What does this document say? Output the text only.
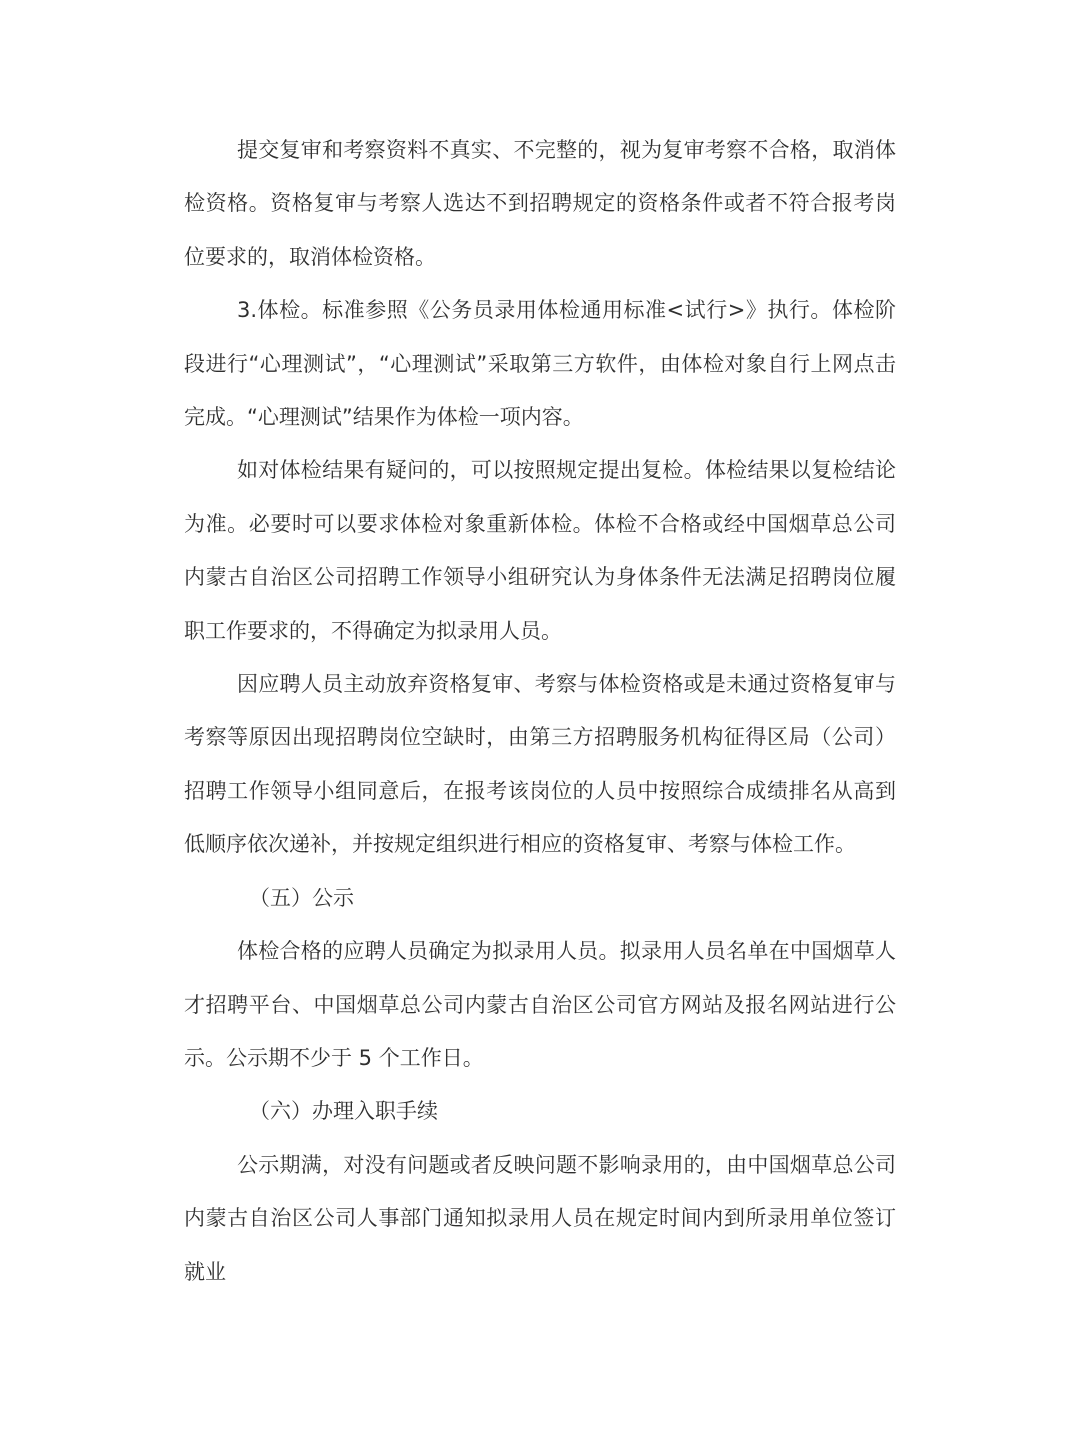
提交复审和考察资料不真实、不完整的，视为复审考察不合格，取消体检资格。资格复审与考察人选达不到招聘规定的资格条件或者不符合报考岗位要求的，取消体检资格。

3.体检。标准参照《公务员录用体检通用标准<试行>》执行。体检阶段进行“心理测试”，“心理测试”采取第三方软件，由体检对象自行上网点击完成。“心理测试”结果作为体检一项内容。

如对体检结果有疑问的，可以按照规定提出复检。体检结果以复检结论为准。必要时可以要求体检对象重新体检。体检不合格或经中国烟草总公司内蒙古自治区公司招聘工作领导小组研究认为身体条件无法满足招聘岗位履职工作要求的，不得确定为拟录用人员。

因应聘人员主动放弃资格复审、考察与体检资格或是未通过资格复审与考察等原因出现招聘岗位空缺时，由第三方招聘服务机构征得区局（公司）招聘工作领导小组同意后，在报考该岗位的人员中按照综合成绩排名从高到低顺序依次递补，并按规定组织进行相应的资格复审、考察与体检工作。

（五）公示

体检合格的应聘人员确定为拟录用人员。拟录用人员名单在中国烟草人才招聘平台、中国烟草总公司内蒙古自治区公司官方网站及报名网站进行公示。公示期不少于 5 个工作日。

（六）办理入职手续

公示期满，对没有问题或者反映问题不影响录用的，由中国烟草总公司内蒙古自治区公司人事部门通知拟录用人员在规定时间内到所录用单位签订就业
